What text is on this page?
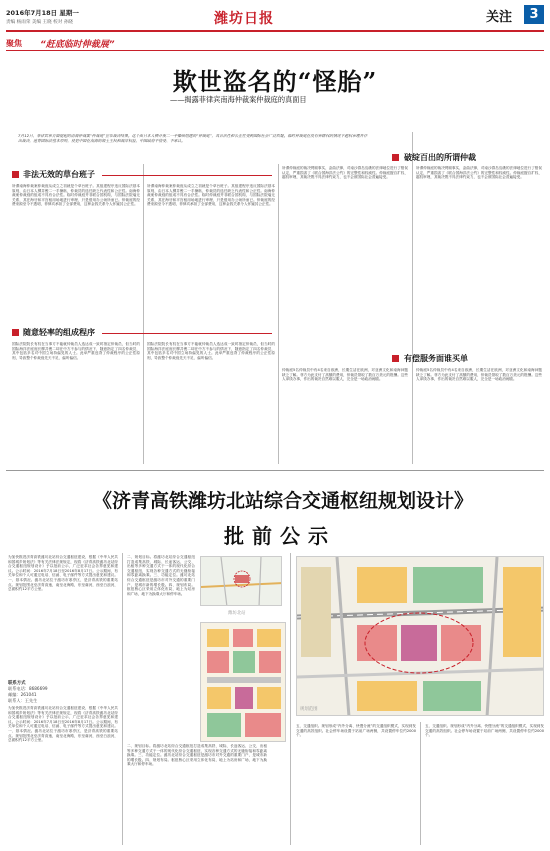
2016年7月18日 星期一
责编 杨雨荣 美编 王晓 校对 孙晓	潍坊日报	关注	3
聚焦 “赶底临时伸裁展”
欺世盗名的“怪胎”
——揭露菲律宾南海仲裁案仲裁庭的真面目
7月12日，菲律宾单方面提起的南海仲裁案“仲裁庭”宣布裁决结果。这个由日本人柳井俊二一手操纵组建的“仲裁庭”，其合法性和公正性受到国际社会广泛质疑。临时仲裁庭在没有管辖权的情况下越权审理并作出裁决，违背国际法基本原则，侵犯中国在南海的领土主权和海洋权益，中国政府不接受、不承认。
非法无效的草台班子
所谓南海仲裁案仲裁庭从成立之初就是个草台班子。其组建程序违反国际法基本原则，由日本人柳井俊二一手操纵，仲裁员的选任缺乏代表性和公正性。南海仲裁案仲裁庭的组成不具有合法性。临时仲裁庭并非联合国机构，与国际法院毫无关系，其在海牙和平宫租用场地进行审理，只是借用办公场所而已。仲裁庭的经费来源至今不透明，菲律宾承担了全部费用，这种金钱关系令人怀疑其公正性。
所谓南海仲裁案仲裁庭从成立之初就是个草台班子。其组建程序违反国际法基本原则，由日本人柳井俊二一手操纵，仲裁员的选任缺乏代表性和公正性。南海仲裁案仲裁庭的组成不具有合法性。临时仲裁庭并非联合国机构，与国际法院毫无关系，其在海牙和平宫租用场地进行审理，只是借用办公场所而已。仲裁庭的经费来源至今不透明，菲律宾承担了全部费用，这种金钱关系令人怀疑其公正性。
随意轻率的组成程序
国际法院院长有权在当事方不能就仲裁员人选达成一致时指定仲裁员，但当时的国际海洋法庭庭长柳井俊二却在中方不参与的情况下，随意指定了四名仲裁员，其中包括多名对中国立场持偏见的人士。此举严重违背了仲裁程序的公正性原则，导致整个仲裁庭先天不足、偏听偏信。
国际法院院长有权在当事方不能就仲裁员人选达成一致时指定仲裁员，但当时的国际海洋法庭庭长柳井俊二却在中方不参与的情况下，随意指定了四名仲裁员，其中包括多名对中国立场持偏见的人士。此举严重违背了仲裁程序的公正性原则，导致整个仲裁庭先天不足、偏听偏信。
破绽百出的所谓仲裁
所谓仲裁庭的裁决罔顾事实，歪曲法律，对南沙群岛岛礁的法律地位进行了错误认定，严重损害了《联合国海洋法公约》的完整性和权威性。仲裁庭擅自扩权、越权审理，其裁决既不具法律约束力，也不会被国际社会普遍接受。
所谓仲裁庭的裁决罔顾事实，歪曲法律，对南沙群岛岛礁的法律地位进行了错误认定，严重损害了《联合国海洋法公约》的完整性和权威性。仲裁庭擅自扩权、越权审理，其裁决既不具法律约束力，也不会被国际社会普遍接受。
有偿服务面谁买单
仲裁庭5名仲裁员中有4名来自欧洲，长期生活在欧洲，对亚洲文化和南海问题缺乏了解。菲方为此支付了高额的费用，仲裁员领取了数百万美元的报酬。这些人拿钱办事，作出的裁决自然难以服人，完全是一场政治闹剧。
仲裁庭5名仲裁员中有4名来自欧洲，长期生活在欧洲，对亚洲文化和南海问题缺乏了解。菲方为此支付了高额的费用，仲裁员领取了数百万美元的报酬。这些人拿钱办事，作出的裁决自然难以服人，完全是一场政治闹剧。
《济青高铁潍坊北站综合交通枢纽规划设计》
批前公示
为加快推进济青高铁潍坊北站综合交通枢纽建设，根据《中华人民共和国城乡规划法》等有关法律法规规定，现将《济青高铁潍坊北站综合交通枢纽规划设计》予以批前公示，广泛征求社会各界意见和建议。公示时间：2016年7月18日至2016年8月17日。公示期间，有关单位和个人可通过电话、信函、电子邮件等方式提出意见和建议。一、基本情况。潍坊北站位于潍坊市寒亭区，是济青高铁的重要站点。规划范围北至济青高速，南至北海路，东至虞河，西至白浪河，总面积约12平方公里。
联系方式
联系电话：8686699
邮编：261041
联系人：王先生
为加快推进济青高铁潍坊北站综合交通枢纽建设，根据《中华人民共和国城乡规划法》等有关法律法规规定，现将《济青高铁潍坊北站综合交通枢纽规划设计》予以批前公示，广泛征求社会各界意见和建议。公示时间：2016年7月18日至2016年8月17日。公示期间，有关单位和个人可通过电话、信函、电子邮件等方式提出意见和建议。一、基本情况。潍坊北站位于潍坊市寒亭区，是济青高铁的重要站点。规划范围北至济青高速，南至北海路，东至虞河，西至白浪河，总面积约12平方公里。
二、规划目标。将潍坊北站综合交通枢纽打造成集高铁、城际、长途客运、公交、出租等多种交通方式于一体的现代化综合交通枢纽，实现各种交通方式的无缝衔接和零距离换乘。三、功能定位。潍坊北站综合交通枢纽是潍坊市对外交通的重要门户，是城市新的增长极。四、规划布局。枢纽核心区采用立体化布局，地上为站房和广场，地下为换乘大厅和停车场。
二、规划目标。将潍坊北站综合交通枢纽打造成集高铁、城际、长途客运、公交、出租等多种交通方式于一体的现代化综合交通枢纽，实现各种交通方式的无缝衔接和零距离换乘。三、功能定位。潍坊北站综合交通枢纽是潍坊市对外交通的重要门户，是城市新的增长极。四、规划布局。枢纽核心区采用立体化布局，地上为站房和广场，地下为换乘大厅和停车场。
潍坊北站
规划范围
五、交通组织。规划形成“内外分离、快慢分流”的交通组织模式，实现到发交通的高效组织。社会停车场设置于站前广场两侧，共设置停车位约2000个。
五、交通组织。规划形成“内外分离、快慢分流”的交通组织模式，实现到发交通的高效组织。社会停车场设置于站前广场两侧，共设置停车位约2000个。
